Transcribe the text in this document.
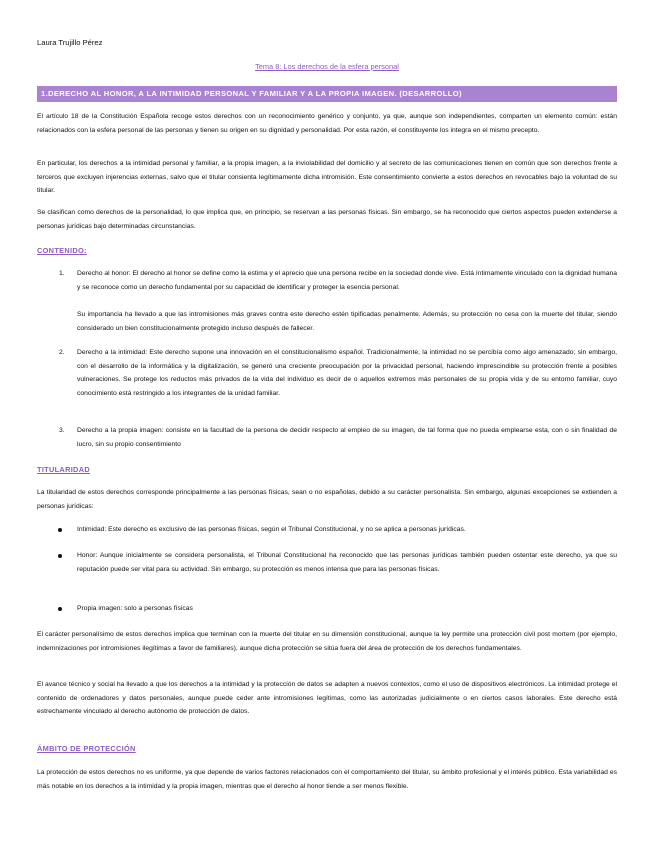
Laura Trujillo Pérez
Tema 8: Los derechos de la esfera personal
1.DERECHO AL HONOR, A LA INTIMIDAD PERSONAL Y FAMILIAR Y A LA PROPIA IMAGEN. (DESARROLLO)
El artículo 18 de la Constitución Española recoge estos derechos con un reconocimiento genérico y conjunto, ya que, aunque son independientes, comparten un elemento común: están relacionados con la esfera personal de las personas y tienen su origen en su dignidad y personalidad. Por esta razón, el constituyente los integra en el mismo precepto.
En particular, los derechos a la intimidad personal y familiar, a la propia imagen, a la inviolabilidad del domicilio y al secreto de las comunicaciones tienen en común que son derechos frente a terceros que excluyen injerencias externas, salvo que el titular consienta legítimamente dicha intromisión. Este consentimiento convierte a estos derechos en revocables bajo la voluntad de su titular.
Se clasifican como derechos de la personalidad, lo que implica que, en principio, se reservan a las personas físicas. Sin embargo, se ha reconocido que ciertos aspectos pueden extenderse a personas jurídicas bajo determinadas circunstancias.
CONTENIDO:
1. Derecho al honor: El derecho al honor se define como la estima y el aprecio que una persona recibe en la sociedad donde vive. Está íntimamente vinculado con la dignidad humana y se reconoce como un derecho fundamental por su capacidad de identificar y proteger la esencia personal.
Su importancia ha llevado a que las intromisiones más graves contra este derecho estén tipificadas penalmente. Además, su protección no cesa con la muerte del titular, siendo considerado un bien constitucionalmente protegido incluso después de fallecer.
2. Derecho a la intimidad: Este derecho supone una innovación en el constitucionalismo español. Tradicionalmente, la intimidad no se percibía como algo amenazado; sin embargo, con el desarrollo de la informática y la digitalización, se generó una creciente preocupación por la privacidad personal, haciendo imprescindible su protección frente a posibles vulneraciones. Se protege los reductos más privados de la vida del individuo es decir de o aquellos extremos más personales de su propia vida y de su entorno familiar, cuyo conocimiento está restringido a los integrantes de la unidad familiar.
3. Derecho a la propia imagen: consiste en la facultad de la persona de decidir respecto al empleo de su imagen, de tal forma que no pueda emplearse esta, con o sin finalidad de lucro, sin su propio consentimiento
TITULARIDAD
La titularidad de estos derechos corresponde principalmente a las personas físicas, sean o no españolas, debido a su carácter personalista. Sin embargo, algunas excepciones se extienden a personas jurídicas:
Intimidad: Este derecho es exclusivo de las personas físicas, según el Tribunal Constitucional, y no se aplica a personas jurídicas.
Honor: Aunque inicialmente se considera personalista, el Tribunal Constitucional ha reconocido que las personas jurídicas también pueden ostentar este derecho, ya que su reputación puede ser vital para su actividad. Sin embargo, su protección es menos intensa que para las personas físicas.
Propia imagen: solo a personas físicas
El carácter personalísimo de estos derechos implica que terminan con la muerte del titular en su dimensión constitucional, aunque la ley permite una protección civil post mortem (por ejemplo, indemnizaciones por intromisiones ilegítimas a favor de familiares), aunque dicha protección se sitúa fuera del área de protección de los derechos fundamentales.
El avance técnico y social ha llevado a que los derechos a la intimidad y la protección de datos se adapten a nuevos contextos, como el uso de dispositivos electrónicos. La intimidad protege el contenido de ordenadores y datos personales, aunque puede ceder ante intromisiones legítimas, como las autorizadas judicialmente o en ciertos casos laborales. Este derecho está estrechamente vinculado al derecho autónomo de protección de datos.
ÁMBITO DE PROTECCIÓN
La protección de estos derechos no es uniforme, ya que depende de varios factores relacionados con el comportamiento del titular, su ámbito profesional y el interés público. Esta variabilidad es más notable en los derechos a la intimidad y la propia imagen, mientras que el derecho al honor tiende a ser menos flexible.
